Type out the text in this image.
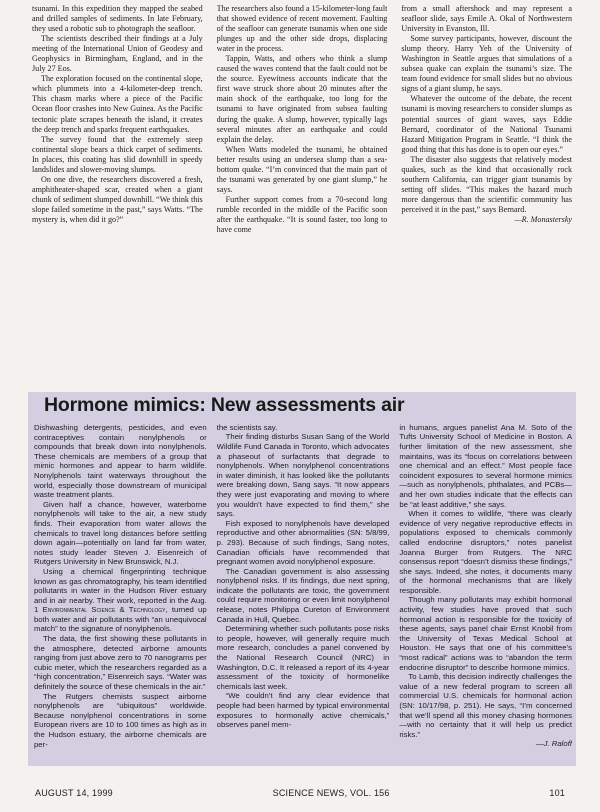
tsunami. In this expedition they mapped the seabed and drilled samples of sediments. In late February, they used a robotic sub to photograph the seafloor.

The scientists described their findings at a July meeting of the International Union of Geodesy and Geophysics in Birmingham, England, and in the July 27 Eos.

The exploration focused on the continental slope, which plummets into a 4-kilometer-deep trench. This chasm marks where a piece of the Pacific Ocean floor crashes into New Guinea. As the Pacific tectonic plate scrapes beneath the island, it creates the deep trench and sparks frequent earthquakes.

The survey found that the extremely steep continental slope bears a thick carpet of sediments. In places, this coating has slid downhill in speedy landslides and slower-moving slumps.

On one dive, the researchers discovered a fresh, amphitheater-shaped scar, created when a giant chunk of sediment slumped downhill. “We think this slope failed sometime in the past,” says Watts. “The mystery is, when did it go?”

The researchers also found a 15-kilometer-long fault that showed evidence of recent movement. Faulting of the seafloor can generate tsunamis when one side plunges up and the other side drops, displacing water in the process.

Tappin, Watts, and others who think a slump caused the waves contend that the fault could not be the source. Eyewitness accounts indicate that the first wave struck shore about 20 minutes after the main shock of the earthquake, too long for the tsunami to have originated from subsea faulting during the quake. A slump, however, typically lags several minutes after an earthquake and could explain the delay.

When Watts modeled the tsunami, he obtained better results using an undersea slump than a sea-bottom quake. “I’m convinced that the main part of the tsunami was generated by one giant slump,” he says.

Further support comes from a 70-second long rumble recorded in the middle of the Pacific soon after the earthquake. “It is sound faster, too long to have come

from a small aftershock and may represent a seafloor slide, says Emile A. Okal of Northwestern University in Evanston, Ill.

Some survey participants, however, discount the slump theory. Harry Yeh of the University of Washington in Seattle argues that simulations of a subsea quake can explain the tsunami’s size. The team found evidence for small slides but no obvious signs of a giant slump, he says.

Whatever the outcome of the debate, the recent tsunami is moving researchers to consider slumps as potential sources of giant waves, says Eddie Bernard, coordinator of the National Tsunami Hazard Mitigation Program in Seattle. “I think the good thing that this has done is to open our eyes.”

The disaster also suggests that relatively modest quakes, such as the kind that occasionally rock southern California, can trigger giant tsunamis by setting off slides. “This makes the hazard much more dangerous than the scientific community has perceived it in the past,” says Bernard.

—R. Monastersky
Hormone mimics: New assessments air

Dishwashing detergents, pesticides, and even contraceptives contain nonylphenols or compounds that break down into nonylphenols. These chemicals are members of a group that mimic hormones and appear to harm wildlife. Nonylphenols taint waterways throughout the world, especially those downstream of municipal waste treatment plants.

Given half a chance, however, waterborne nonylphenols will take to the air, a new study finds. Their evaporation from water allows the chemicals to travel long distances before settling down again—potentially on land far from water, notes study leader Steven J. Eisenreich of Rutgers University in New Brunswick, N.J.

Using a chemical fingerprinting technique known as gas chromatography, his team identified pollutants in water in the Hudson River estuary and in air nearby. Their work, reported in the Aug. 1 Environmental Science & Technology, turned up both water and air pollutants with “an unequivocal match” to the signature of nonylphenols.

The data, the first showing these pollutants in the atmosphere, detected airborne amounts ranging from just above zero to 70 nanograms per cubic meter, which the researchers regarded as a “high concentration,” Eisenreich says. “Water was definitely the source of these chemicals in the air.”

The Rutgers chemists suspect airborne nonylphenols are “ubiquitous” worldwide. Because nonylphenol concentrations in some European rivers are 10 to 100 times as high as in the Hudson estuary, the airborne chemicals are per-

the scientists say.

Their finding disturbs Susan Sang of the World Wildlife Fund Canada in Toronto, which advocates a phaseout of surfactants that degrade to nonylphenols. When nonylphenol concentrations in water diminish, it has looked like the pollutants were breaking down, Sang says. “It now appears they were just evaporating and moving to where you wouldn’t have expected to find them,” she says.

Fish exposed to nonylphenols have developed reproductive and other abnormalities (SN: 5/8/99, p. 293). Because of such findings, Sang notes, Canadian officials have recommended that pregnant women avoid nonylphenol exposure.

The Canadian government is also assessing nonylphenol risks. If its findings, due next spring, indicate the pollutants are toxic, the government could require monitoring or even limit nonylphenol release, notes Philippa Cureton of Environment Canada in Hull, Quebec.

Determining whether such pollutants pose risks to people, however, will generally require much more research, concludes a panel convened by the National Research Council (NRC) in Washington, D.C. It released a report of its 4-year assessment of the toxicity of hormonelike chemicals last week.

“We couldn’t find any clear evidence that people had been harmed by typical environmental exposures to hormonally active chemicals,” observes panel mem-

in humans, argues panelist Ana M. Soto of the Tufts University School of Medicine in Boston. A further limitation of the new assessment, she maintains, was its “focus on correlations between one chemical and an effect.” Most people face coincident exposures to several hormone mimics—such as nonylphenols, phthalates, and PCBs—and her own studies indicate that the effects can be “at least additive,” she says.

When it comes to wildlife, “there was clearly evidence of very negative reproductive effects in populations exposed to chemicals commonly called endocrine disruptors,” notes panelist Joanna Burger from Rutgers. The NRC consensus report “doesn’t dismiss these findings,” she says. Indeed, she notes, it documents many of the hormonal mechanisms that are likely responsible.

Though many pollutants may exhibit hormonal activity, few studies have proved that such hormonal action is responsible for the toxicity of these agents, says panel chair Ernst Knobil from the University of Texas Medical School at Houston. He says that one of his committee’s “most radical” actions was to “abandon the term endocrine disruptor” to describe hormone mimics.

To Lamb, this decision indirectly challenges the value of a new federal program to screen all commercial U.S. chemicals for hormonal action (SN: 10/17/98, p. 251). He says, “I’m concerned that we’ll spend all this money chasing hormones—with no certainty that it will help us predict risks.”

—J. Raloff
AUGUST 14, 1999	SCIENCE NEWS, VOL. 156	101
